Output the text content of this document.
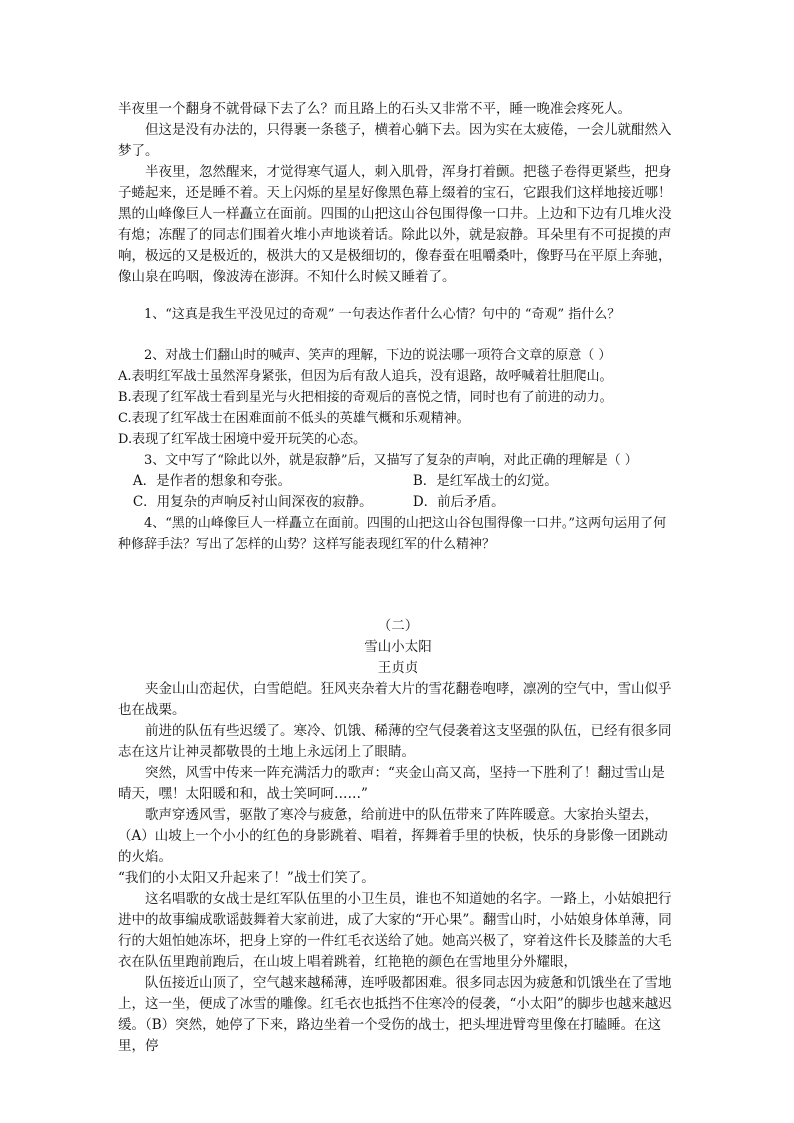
半夜里一个翻身不就骨碌下去了么？而且路上的石头又非常不平，睡一晚准会疼死人。

但这是没有办法的，只得裹一条毯子，横着心躺下去。因为实在太疲倦，一会儿就酣然入梦了。

半夜里，忽然醒来，才觉得寒气逼人，刺入肌骨，浑身打着颤。把毯子卷得更紧些，把身子蜷起来，还是睡不着。天上闪烁的星星好像黑色幕上缀着的宝石，它跟我们这样地接近哪！黑的山峰像巨人一样矗立在面前。四围的山把这山谷包围得像一口井。上边和下边有几堆火没有熄；冻醒了的同志们围着火堆小声地谈着话。除此以外，就是寂静。耳朵里有不可捉摸的声响，极远的又是极近的，极洪大的又是极细切的，像春蚕在咀嚼桑叶，像野马在平原上奔驰，像山泉在呜咽，像波涛在澎湃。不知什么时候又睡着了。

1、“这真是我生平没见过的奇观” 一句表达作者什么心情？句中的 “奇观” 指什么？

2、对战士们翻山时的喊声、笑声的理解，下边的说法哪一项符合文章的原意（ ）

A.表明红军战士虽然浑身紧张，但因为后有敌人追兵，没有退路，故呼喊着壮胆爬山。

B.表现了红军战士看到星光与火把相接的奇观后的喜悦之情，同时也有了前进的动力。

C.表现了红军战士在困难面前不低头的英雄气概和乐观精神。

D.表现了红军战士困境中爱开玩笑的心态。

3、文中写了“除此以外，就是寂静”后，又描写了复杂的声响，对此正确的理解是（ ）

A．是作者的想象和夸张。	B．是红军战士的幻觉。
C．用复杂的声响反衬山间深夜的寂静。	D．前后矛盾。

4、“黑的山峰像巨人一样矗立在面前。四围的山把这山谷包围得像一口井。”这两句运用了何种修辞手法？写出了怎样的山势？这样写能表现红军的什么精神？

（二）

雪山小太阳

王贞贞

夹金山山峦起伏，白雪皑皑。狂风夹杂着大片的雪花翻卷咆哮，凛冽的空气中，雪山似乎也在战栗。

前进的队伍有些迟缓了。寒冷、饥饿、稀薄的空气侵袭着这支坚强的队伍，已经有很多同志在这片让神灵都敬畏的土地上永远闭上了眼睛。

突然，风雪中传来一阵充满活力的歌声：“夹金山高又高，坚持一下胜利了！翻过雪山是晴天，嘿！太阳暖和和，战士笑呵呵……”

歌声穿透风雪，驱散了寒冷与疲惫，给前进中的队伍带来了阵阵暖意。大家抬头望去，（A）山坡上一个小小的红色的身影跳着、唱着，挥舞着手里的快板，快乐的身影像一团跳动的火焰。

“我们的小太阳又升起来了！”战士们笑了。

这名唱歌的女战士是红军队伍里的小卫生员，谁也不知道她的名字。一路上，小姑娘把行进中的故事编成歌谣鼓舞着大家前进，成了大家的“开心果”。翻雪山时，小姑娘身体单薄，同行的大姐怕她冻坏，把身上穿的一件红毛衣送给了她。她高兴极了，穿着这件长及膝盖的大毛衣在队伍里跑前跑后，在山坡上唱着跳着，红艳艳的颜色在雪地里分外耀眼，

队伍接近山顶了，空气越来越稀薄，连呼吸都困难。很多同志因为疲惫和饥饿坐在了雪地上，这一坐，便成了冰雪的雕像。红毛衣也抵挡不住寒冷的侵袭，“小太阳”的脚步也越来越迟缓。（B）突然，她停了下来，路边坐着一个受伤的战士，把头埋进臂弯里像在打瞌睡。在这里，停
